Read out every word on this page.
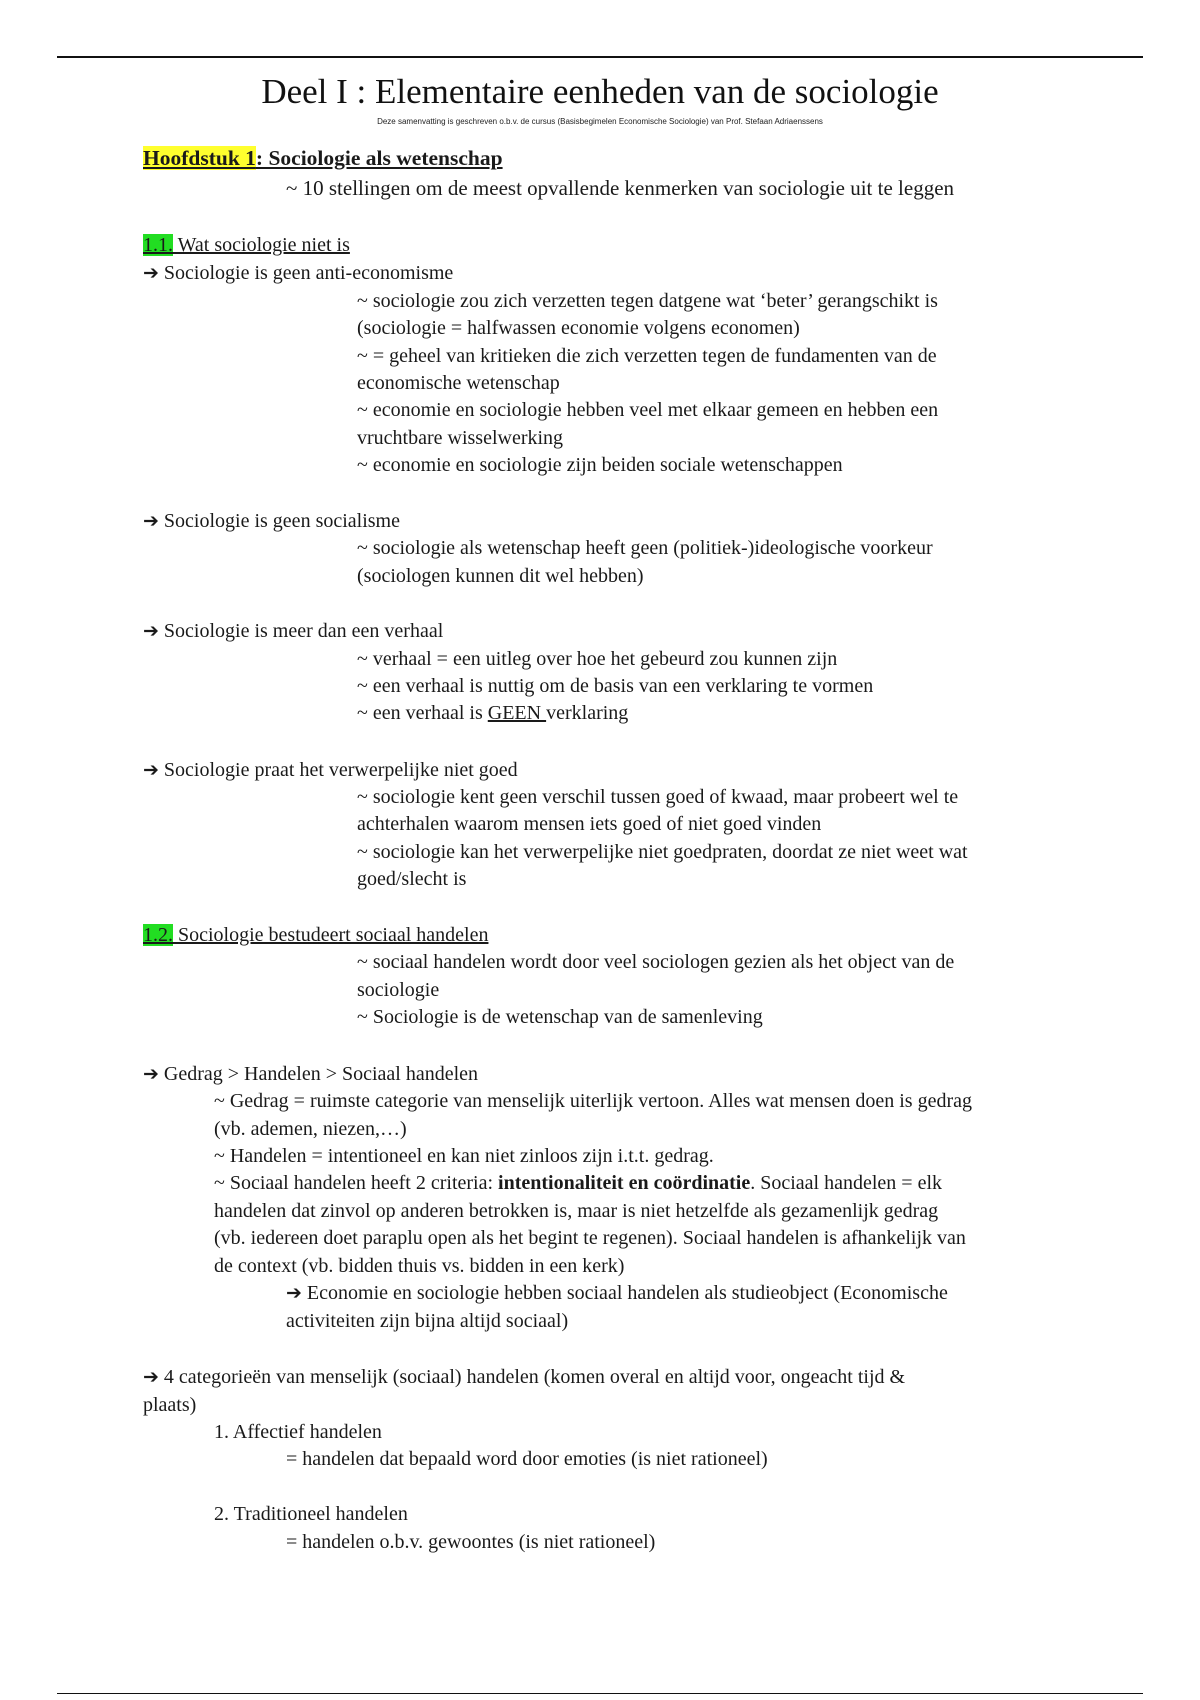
Deel I : Elementaire eenheden van de sociologie
Deze samenvatting is geschreven o.b.v. de cursus (Basisbegimelen Economische Sociologie) van Prof. Stefaan Adriaenssens
Hoofdstuk 1: Sociologie als wetenschap
~ 10 stellingen om de meest opvallende kenmerken van sociologie uit te leggen
1.1. Wat sociologie niet is
➔ Sociologie is geen anti-economisme
~ sociologie zou zich verzetten tegen datgene wat ‘beter’ gerangschikt is
(sociologie = halfwassen economie volgens economen)
~ = geheel van kritieken die zich verzetten tegen de fundamenten van de
economische wetenschap
~ economie en sociologie hebben veel met elkaar gemeen en hebben een
vruchtbare wisselwerking
~ economie en sociologie zijn beiden sociale wetenschappen
➔ Sociologie is geen socialisme
~ sociologie als wetenschap heeft geen (politiek-)ideologische voorkeur
(sociologen kunnen dit wel hebben)
➔ Sociologie is meer dan een verhaal
~ verhaal = een uitleg over hoe het gebeurd zou kunnen zijn
~ een verhaal is nuttig om de basis van een verklaring te vormen
~ een verhaal is GEEN verklaring
➔ Sociologie praat het verwerpelijke niet goed
~ sociologie kent geen verschil tussen goed of kwaad, maar probeert wel te
achterhalen waarom mensen iets goed of niet goed vinden
~ sociologie kan het verwerpelijke niet goedpraten, doordat ze niet weet wat
goed/slecht is
1.2. Sociologie bestudeert sociaal handelen
~ sociaal handelen wordt door veel sociologen gezien als het object van de
sociologie
~ Sociologie is de wetenschap van de samenleving
➔ Gedrag > Handelen > Sociaal handelen
~ Gedrag = ruimste categorie van menselijk uiterlijk vertoon. Alles wat mensen doen is gedrag
(vb. ademen, niezen,…)
~ Handelen = intentioneel en kan niet zinloos zijn i.t.t. gedrag.
~ Sociaal handelen heeft 2 criteria: intentionaliteit en coördinatie. Sociaal handelen = elk
handelen dat zinvol op anderen betrokken is, maar is niet hetzelfde als gezamenlijk gedrag
(vb. iedereen doet paraplu open als het begint te regenen). Sociaal handelen is afhankelijk van
de context (vb. bidden thuis vs. bidden in een kerk)
➔ Economie en sociologie hebben sociaal handelen als studieobject (Economische
activiteiten zijn bijna altijd sociaal)
➔ 4 categorieën van menselijk (sociaal) handelen (komen overal en altijd voor, ongeacht tijd &
plaats)
1. Affectief handelen
= handelen dat bepaald word door emoties (is niet rationeel)
2. Traditioneel handelen
= handelen o.b.v. gewoontes (is niet rationeel)
